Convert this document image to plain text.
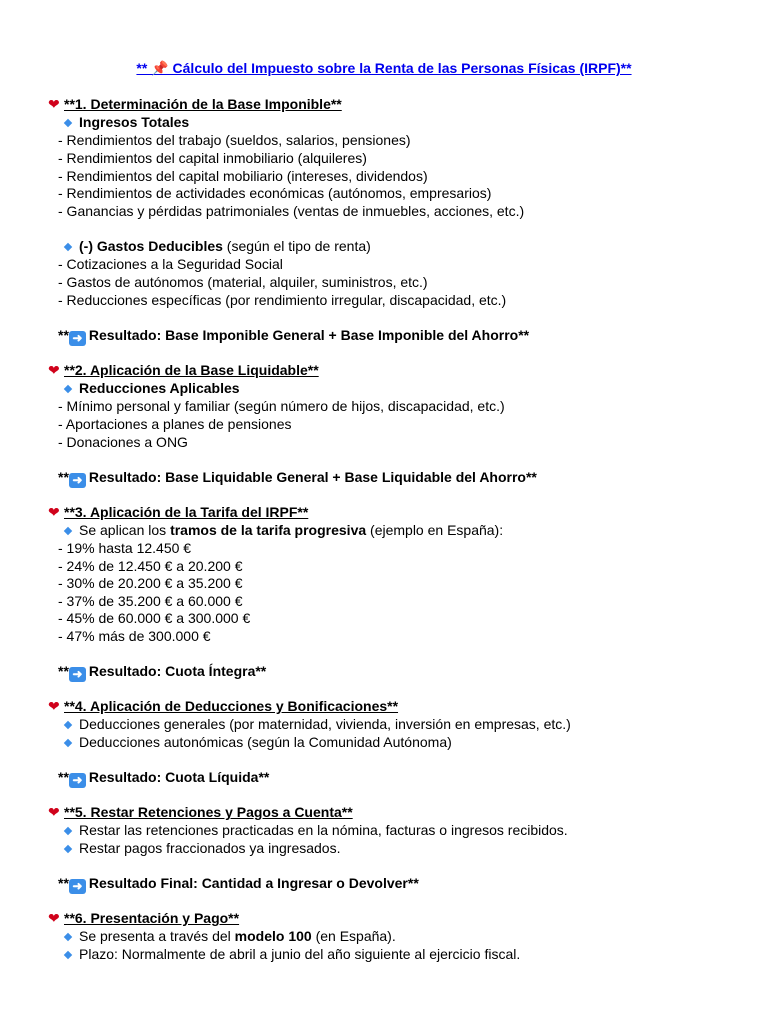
** 📌 Cálculo del Impuesto sobre la Renta de las Personas Físicas (IRPF)**
❤ **1. Determinación de la Base Imponible**
Ingresos Totales
- Rendimientos del trabajo (sueldos, salarios, pensiones)
- Rendimientos del capital inmobiliario (alquileres)
- Rendimientos del capital mobiliario (intereses, dividendos)
- Rendimientos de actividades económicas (autónomos, empresarios)
- Ganancias y pérdidas patrimoniales (ventas de inmuebles, acciones, etc.)
(-) Gastos Deducibles (según el tipo de renta)
- Cotizaciones a la Seguridad Social
- Gastos de autónomos (material, alquiler, suministros, etc.)
- Reducciones específicas (por rendimiento irregular, discapacidad, etc.)
** ➜ Resultado: Base Imponible General + Base Imponible del Ahorro**
❤ **2. Aplicación de la Base Liquidable**
Reducciones Aplicables
- Mínimo personal y familiar (según número de hijos, discapacidad, etc.)
- Aportaciones a planes de pensiones
- Donaciones a ONG
** ➜ Resultado: Base Liquidable General + Base Liquidable del Ahorro**
❤ **3. Aplicación de la Tarifa del IRPF**
Se aplican los tramos de la tarifa progresiva (ejemplo en España):
- 19% hasta 12.450 €
- 24% de 12.450 € a 20.200 €
- 30% de 20.200 € a 35.200 €
- 37% de 35.200 € a 60.000 €
- 45% de 60.000 € a 300.000 €
- 47% más de 300.000 €
** ➜ Resultado: Cuota Íntegra**
❤ **4. Aplicación de Deducciones y Bonificaciones**
Deducciones generales (por maternidad, vivienda, inversión en empresas, etc.)
Deducciones autonómicas (según la Comunidad Autónoma)
** ➜ Resultado: Cuota Líquida**
❤ **5. Restar Retenciones y Pagos a Cuenta**
Restar las retenciones practicadas en la nómina, facturas o ingresos recibidos.
Restar pagos fraccionados ya ingresados.
** ➜ Resultado Final: Cantidad a Ingresar o Devolver**
❤ **6. Presentación y Pago**
Se presenta a través del modelo 100 (en España).
Plazo: Normalmente de abril a junio del año siguiente al ejercicio fiscal.
